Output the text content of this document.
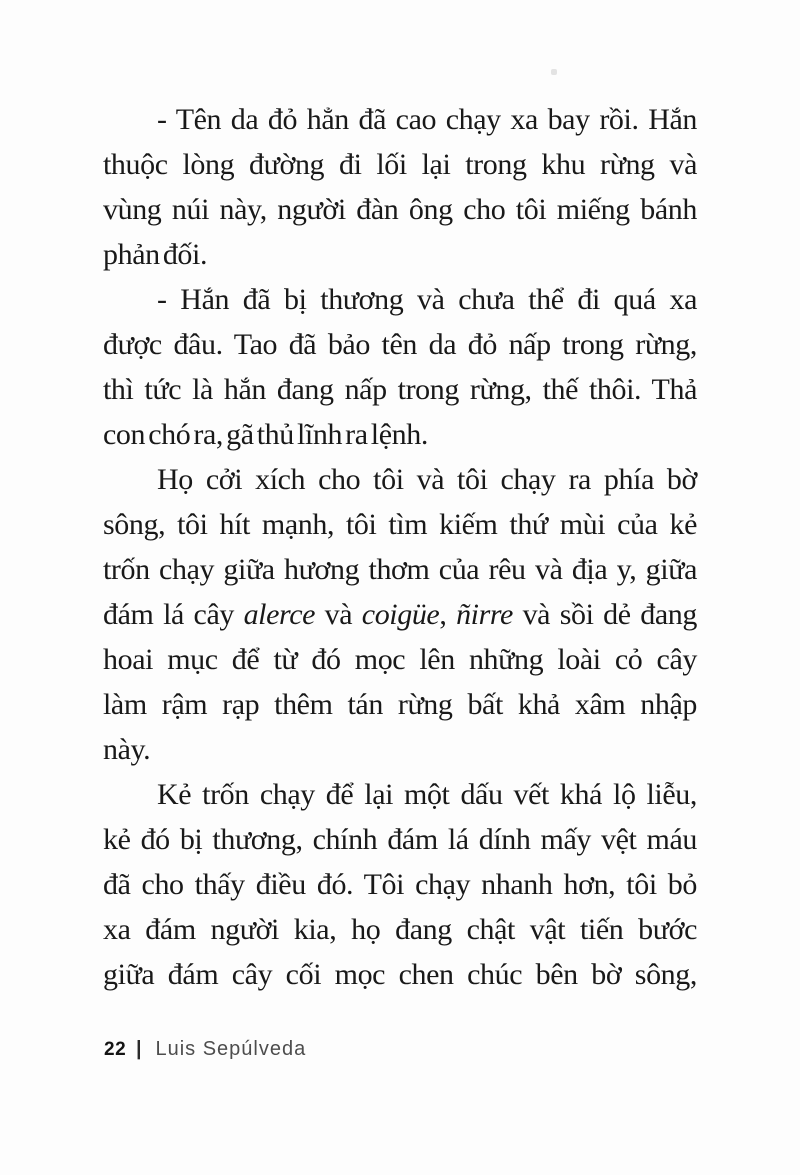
- Tên da đỏ hẳn đã cao chạy xa bay rồi. Hắn

thuộc lòng đường đi lối lại trong khu rừng và

vùng núi này, người đàn ông cho tôi miếng bánh

phản đối.

- Hắn đã bị thương và chưa thể đi quá xa

được đâu. Tao đã bảo tên da đỏ nấp trong rừng,

thì tức là hắn đang nấp trong rừng, thế thôi. Thả

con chó ra, gã thủ lĩnh ra lệnh.

Họ cởi xích cho tôi và tôi chạy ra phía bờ

sông, tôi hít mạnh, tôi tìm kiếm thứ mùi của kẻ

trốn chạy giữa hương thơm của rêu và địa y, giữa

đám lá cây alerce và coigüe, ñirre và sồi dẻ đang

hoai mục để từ đó mọc lên những loài cỏ cây

làm rậm rạp thêm tán rừng bất khả xâm nhập

này.

Kẻ trốn chạy để lại một dấu vết khá lộ liễu,

kẻ đó bị thương, chính đám lá dính mấy vệt máu

đã cho thấy điều đó. Tôi chạy nhanh hơn, tôi bỏ

xa đám người kia, họ đang chật vật tiến bước

giữa đám cây cối mọc chen chúc bên bờ sông,

22 | Luis Sepúlveda
